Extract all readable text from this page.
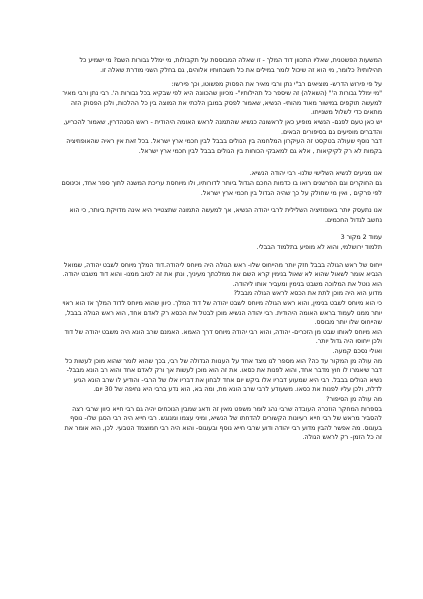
המשעות הפשטנית, שאליו התכוון דוד המלך - זו שאלה המבוססת על תקבולות, מי ימלל גבורות השם? מי ישמיע כל תהילותיו? כלומר, מי הוא זה שיכול לומר במילים את כל תשבחותיו אלוהים, גם בחלק השני מודרת שאלה זו.

על פי פירוש הדרש- מוציאים רב"י נתן ורבי מאיר את הפסוק מפשוטו, וכך פירשו:

"מי ימלל גבורות ה'" (השאלה) זה שיספר כל תהילותיו"- מכיוון שהכוונה היא לפי שבקיא בכל גבורות ה'. רבי נתן ורבי מאיר למעשה תוקפים במישור מאוד מהותי- הנשיא, שאמור לפסק במובן הלכתי את המוצה בין כל ההלכות, ולכן הפסוק הזה מתאים כדי לשלול משנייתו.

יש כאן טעם לפגם- הנשיא מופיע כאן לראשונה כנשיא שהתמנה לראש האומה היהודית - ראש הסנהדרין, שאמור להכריע, והדברים מופיעים גם בסיפורים הבאים.

דבר נוסף שעולה בטקסט זה העיקרון המלחמה בין הגולים בבבל לבין חכמי ארץ ישראל. בכל זאת אין ראיה שהאופוזיציה בקמות לא רק לקיקיאות , אלא גם למאבקי הכוחות בין הגולים בבבל לבין חכמי ארץ ישראל.

אנו מגיעים לנשיא השלישי שלנו- רבי יהודה הנשיא.

גם החוקרים וגם הפרשנים רואו בו כדמות החכם הגדול ביותר לדורותיו, ולו מיוחסת עריכת המשנה לתוך ספר אחד, וכינוסם לפי פרקים , ואין מי שחולק על כך שהיה הגדול בין חכמי ארץ ישראל.

אנו נתעסק יותר באופוזיציה השלילית לרבי יהודה הנשיא, אך למעשה התמונה שתצטייר היא אינה מדויקת ביותר, כי הוא נחשב לגדול החכמים.

עמוד 2 מקור 3

תלמוד ירושלמי, והוא לא מופיע בתלמוד הבבלי.

ייחוס של ראש הגולה בבבל חזק יותר מהייחוס שלו- ראש הגולה היה מיוחס ליהודה.דוד המלך מיוחס לשבט יהודה, שמואל הנביא אומר לשאול שהוא לא שאול בנימין קרא השם את ממלכתך מעיניך, ונתן את זה לטוב ממנו- והוא דוד משבט יהודה. הוא נוטל את המלוכה משבט בנימין ומעביר אותו ליהודה.

מדוע הוא היה מוכן לתת את הכסא לראש הגולה מבבל?

כי הוא מיוחס לשבט בנימין, והוא ראש הגולה מיוחס לשבט יהודה של דוד המלך. כיוון שהוא מיוחס לדוד המלך אז הוא ראוי יותר ממנו לעמוד בראש האומה היהודית. רבי יהודה הנשיא מוכן לבטל את הכסא רק לאדם אחד, הוא ראש הגולה בבבל, שהייחוס שלו יותר מבוסס.

הוא מיוחס לאותו שבט מן הזכרים- יהודה, והוא רבי יהודה מיוחס דרך האמא. האמנם שרב הונא היה משבט יהודה של דוד ולכן ייחוסו היה גדול יותר.

ואולי נסכם קמעה.

מה עולה מן המקור עד כה? הוא מספר לנו מצד אחד על הענוות הגדולה של רבי, בכך שהוא לומר שהוא מוכן לעשות כל דבר שיאמרו לו חוץ מדבר אחד, והוא לפנות את כסאו. את זה הוא מוכן לעשות אך ורק לאדם אחד והוא רב הונא מבבל- נשיא הגולים בבבל. רבי היא שמעוע דבריו אלו ביקש יום אחד לבחון את דבריו אלו של הרבי- והודיע לו שרב הונא הגיע לדלת, ולכן עליו לפנות את כסאו. משעודע לרבי שרב הונא מת, ומה בא, הוא נדע ברבי היא נחיפה של 30 יום.

מה עולה מן הסיפור?

בספרות המחקר הוזכרה העובדה שרבי נהג לומר משפט מאין זה ודאג שמבין הנוכחים יהיה גם רבי חייא כיוון שרבי רצה להסביר מראש של רבי חייא רעיונות הקשורים להדחתו של הנשיא, ומיני עצמו ומנוגש. רבי חייא היה רבי הסגן שלו- נוסף בעוגוס. מה אפשר להבין מדוע רבי יהודה ודוע שרבי חייא נוסף ובעוגוס- והוא היה רבי חמוצמד הטבעי. לכן, הוא אומר את זה כל הזמן- רק לראש הגולה.
